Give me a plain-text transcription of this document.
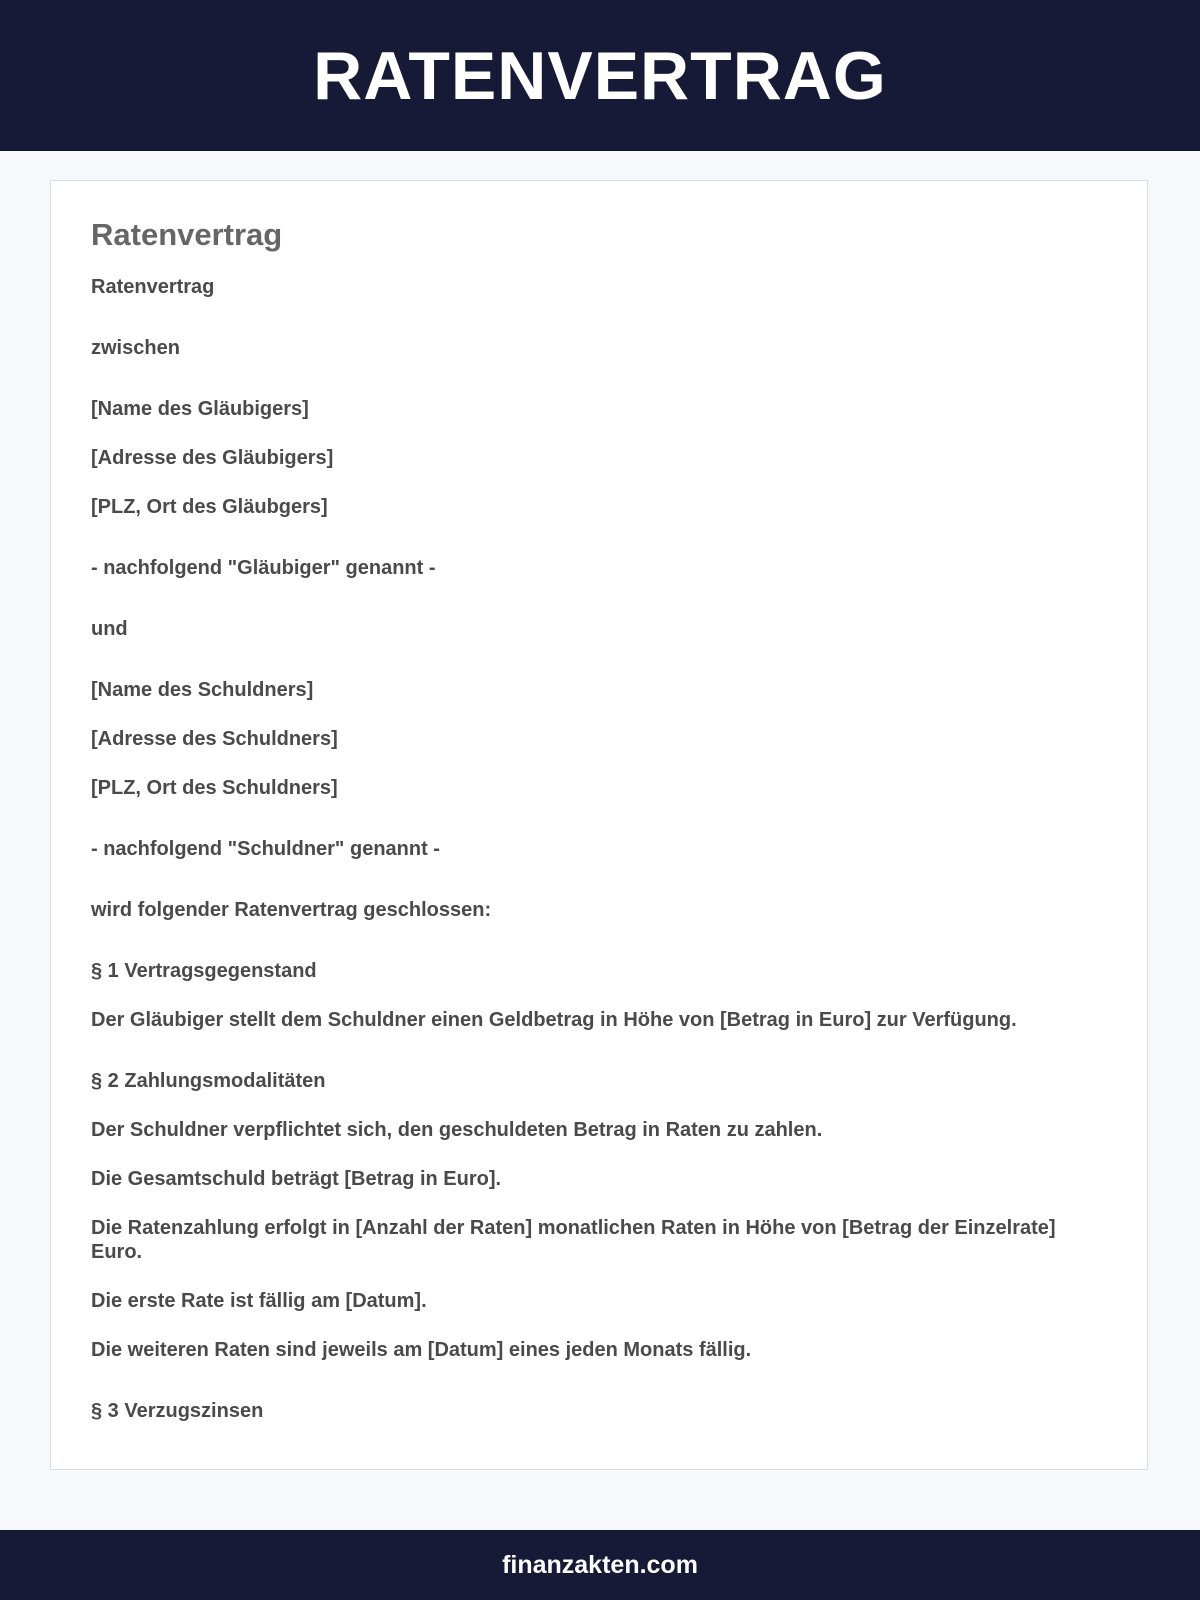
RATENVERTRAG
Ratenvertrag

Ratenvertrag

zwischen

[Name des Gläubigers]

[Adresse des Gläubigers]

[PLZ, Ort des Gläubgers]

- nachfolgend "Gläubiger" genannt -

und

[Name des Schuldners]

[Adresse des Schuldners]

[PLZ, Ort des Schuldners]

- nachfolgend "Schuldner" genannt -

wird folgender Ratenvertrag geschlossen:

§ 1 Vertragsgegenstand

Der Gläubiger stellt dem Schuldner einen Geldbetrag in Höhe von [Betrag in Euro] zur Verfügung.

§ 2 Zahlungsmodalitäten

Der Schuldner verpflichtet sich, den geschuldeten Betrag in Raten zu zahlen.

Die Gesamtschuld beträgt [Betrag in Euro].

Die Ratenzahlung erfolgt in [Anzahl der Raten] monatlichen Raten in Höhe von [Betrag der Einzelrate] Euro.

Die erste Rate ist fällig am [Datum].

Die weiteren Raten sind jeweils am [Datum] eines jeden Monats fällig.

§ 3 Verzugszinsen

finanzakten.com
